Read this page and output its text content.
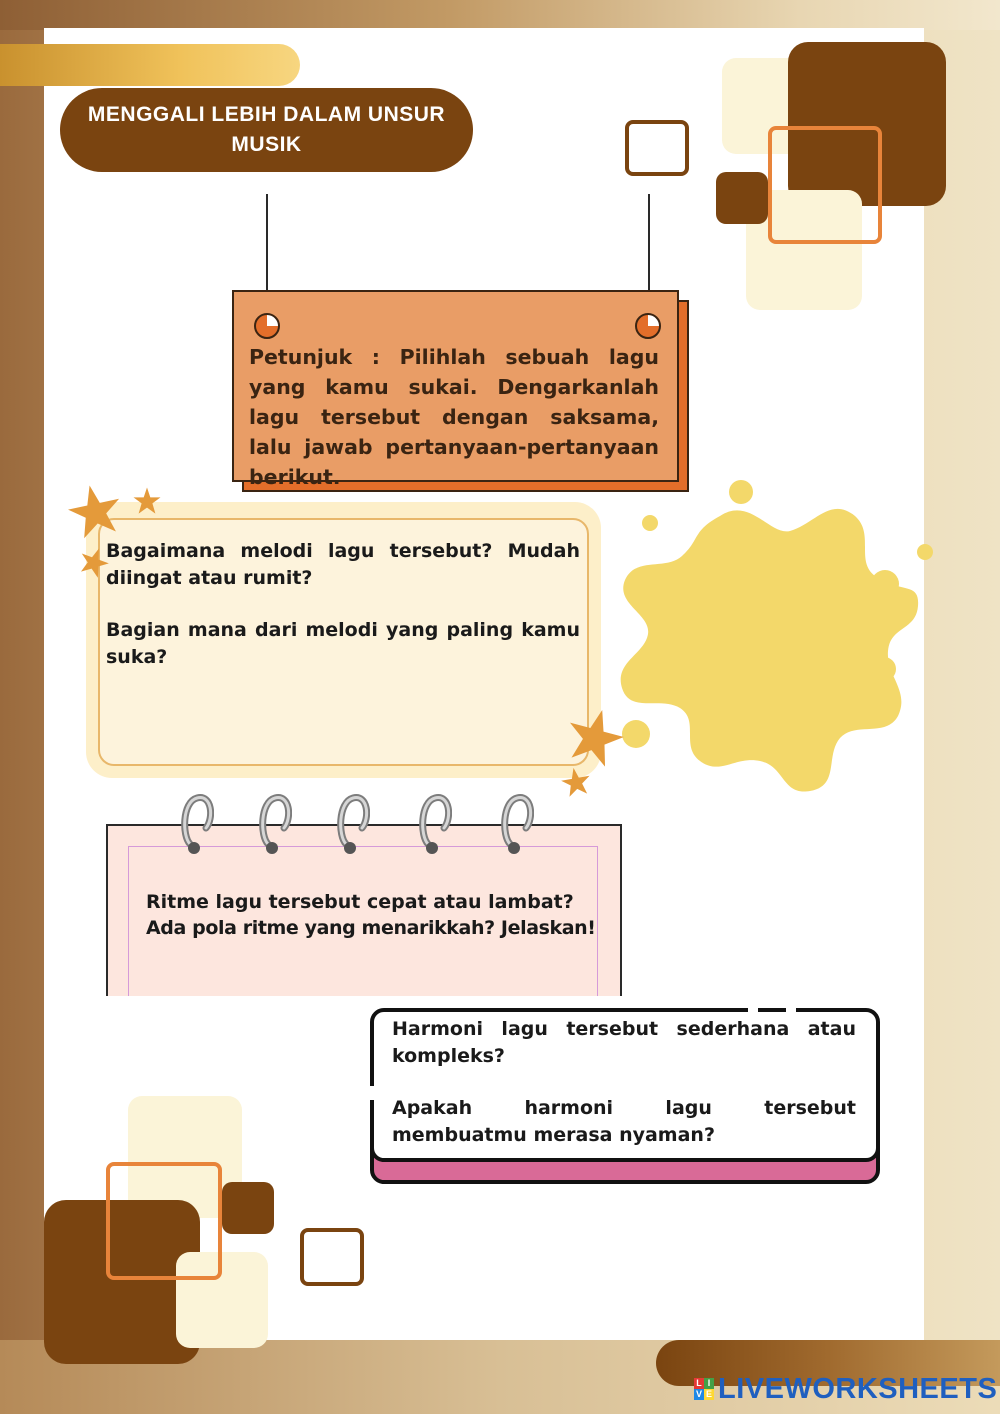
MENGGALI LEBIH DALAM UNSUR
MUSIK
Petunjuk : Pilihlah sebuah lagu yang kamu sukai. Dengarkanlah lagu tersebut dengan saksama, lalu jawab pertanyaan-pertanyaan berikut.
Bagaimana melodi lagu tersebut? Mudah diingat atau rumit?
Bagian mana dari melodi yang paling kamu suka?
Ritme lagu tersebut cepat atau lambat?
Ada pola ritme yang menarikkah? Jelaskan!
Harmoni lagu tersebut sederhana atau kompleks?
Apakah harmoni lagu tersebut membuatmu merasa nyaman?
L I
V E LIVEWORKSHEETS
